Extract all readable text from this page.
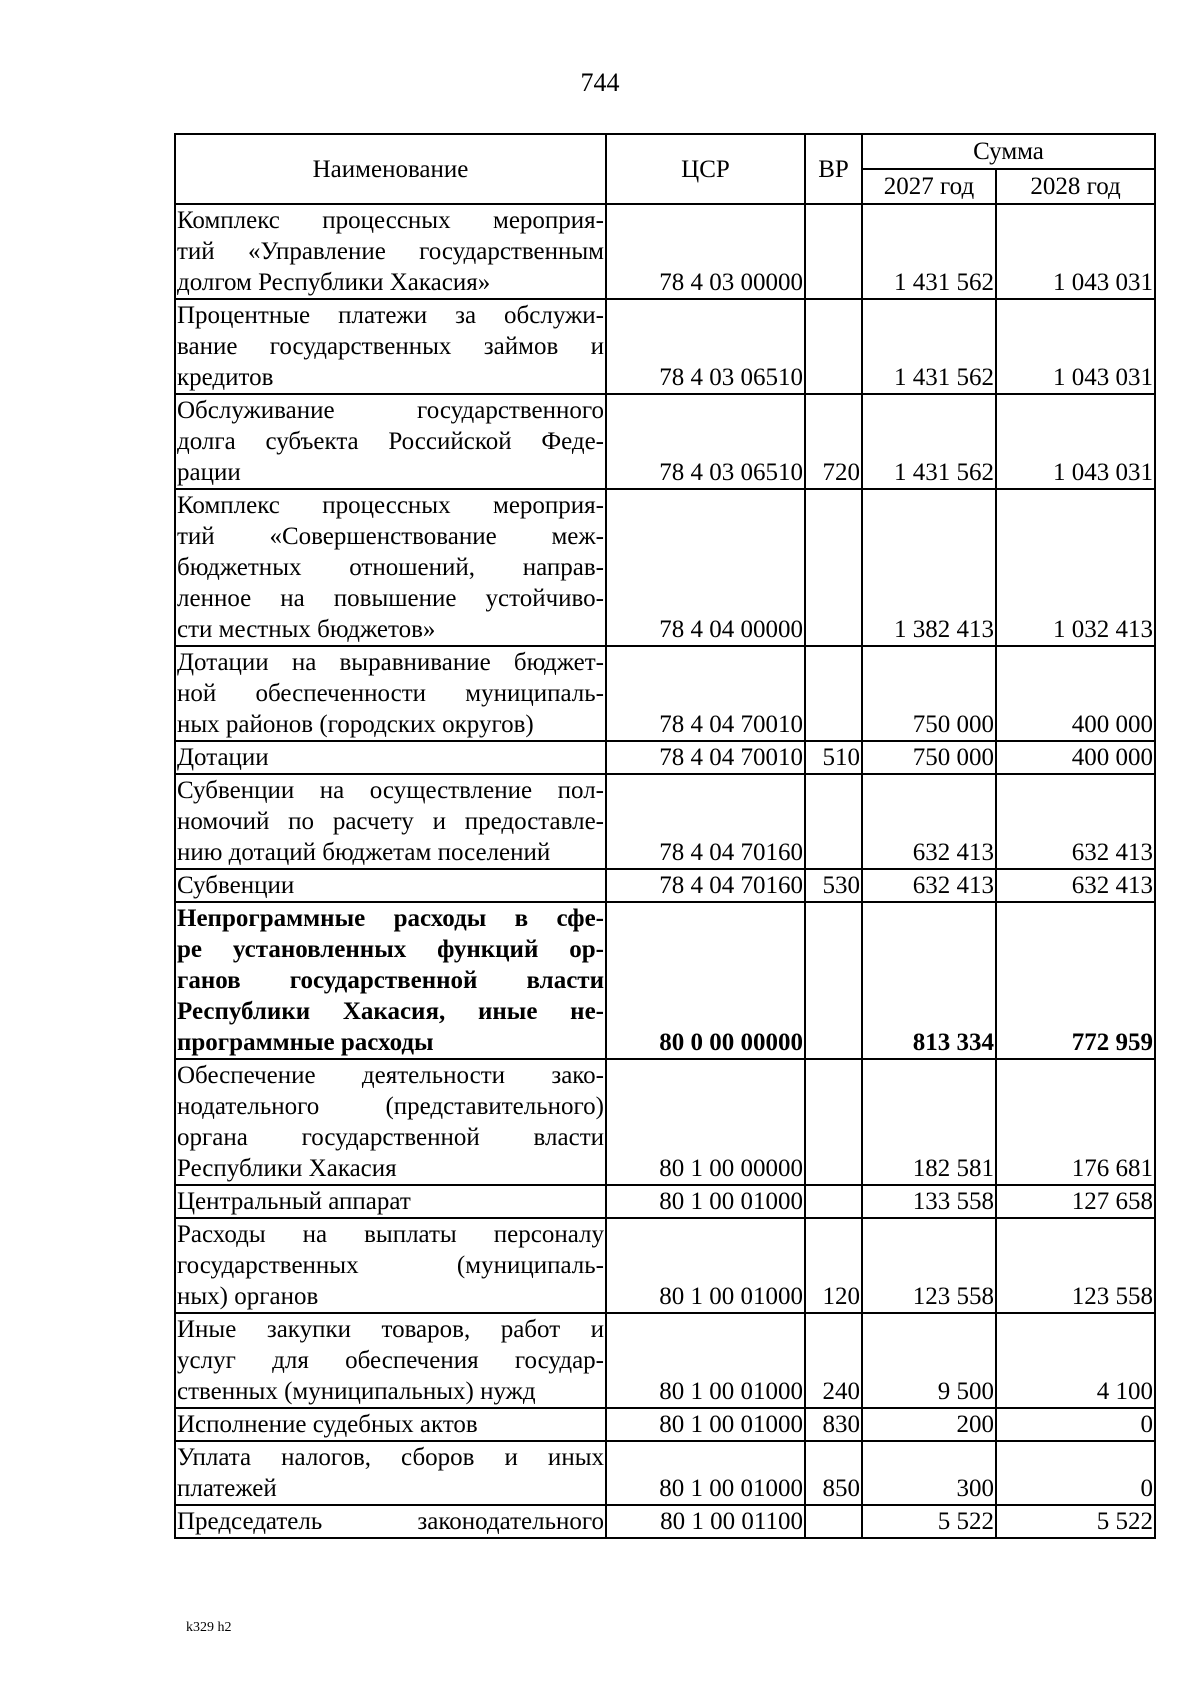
744
Наименование	ЦСР	ВР	Сумма	
			2027 год	2028 год

Комплекс процессных мероприя-
тий «Управление государственным
долгом Республики Хакасия»	78 4 03 00000		1 431 562	1 043 031

Процентные платежи за обслужи-
вание государственных займов и
кредитов	78 4 03 06510		1 431 562	1 043 031

Обслуживание государственного
долга субъекта Российской Феде-
рации	78 4 03 06510	720	1 431 562	1 043 031

Комплекс процессных мероприя-
тий «Совершенствование меж-
бюджетных отношений, направ-
ленное на повышение устойчиво-
сти местных бюджетов»	78 4 04 00000		1 382 413	1 032 413

Дотации на выравнивание бюджет-
ной обеспеченности муниципаль-
ных районов (городских округов)	78 4 04 70010		750 000	400 000

Дотации	78 4 04 70010	510	750 000	400 000

Субвенции на осуществление пол-
номочий по расчету и предоставле-
нию дотаций бюджетам поселений	78 4 04 70160		632 413	632 413

Субвенции	78 4 04 70160	530	632 413	632 413

Непрограммные расходы в сфе-
ре установленных функций ор-
ганов государственной власти
Республики Хакасия, иные не-
программные расходы	80 0 00 00000		813 334	772 959

Обеспечение деятельности зако-
нодательного (представительного)
органа государственной власти
Республики Хакасия	80 1 00 00000		182 581	176 681

Центральный аппарат	80 1 00 01000		133 558	127 658

Расходы на выплаты персоналу
государственных (муниципаль-
ных) органов	80 1 00 01000	120	123 558	123 558

Иные закупки товаров, работ и
услуг для обеспечения государ-
ственных (муниципальных) нужд	80 1 00 01000	240	9 500	4 100

Исполнение судебных актов	80 1 00 01000	830	200	0

Уплата налогов, сборов и иных
платежей	80 1 00 01000	850	300	0

Председатель законодательного	80 1 00 01100		5 522	5 522
k329 h2
